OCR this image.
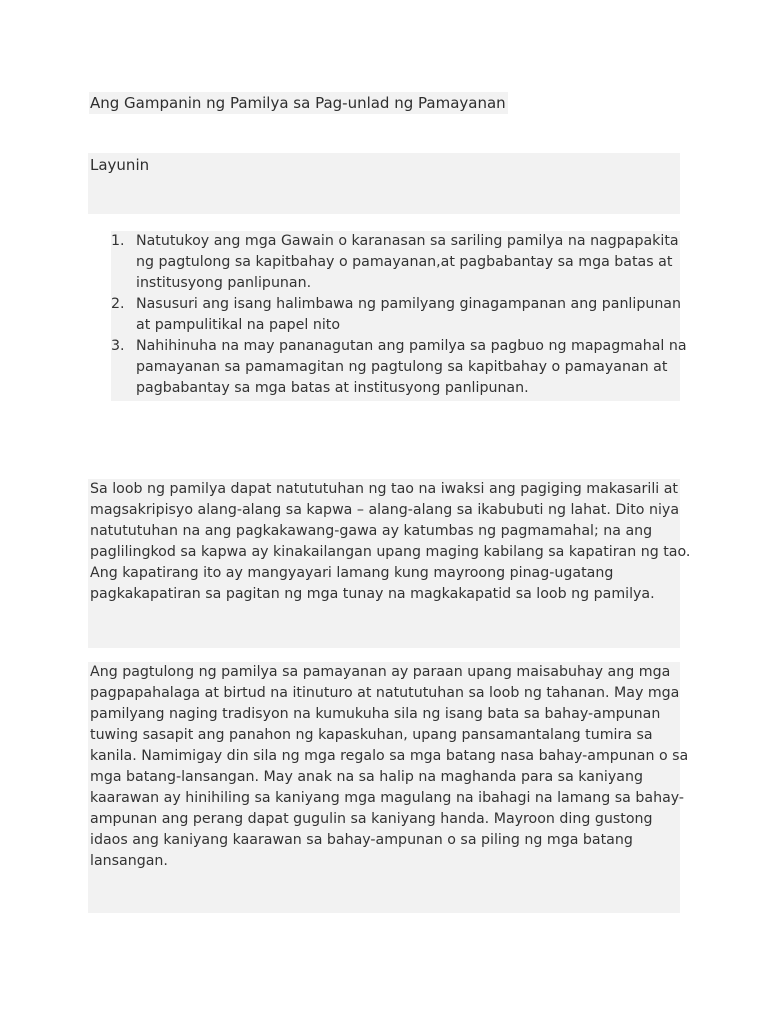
Ang Gampanin ng Pamilya sa Pag-unlad ng Pamayanan
Layunin
1. Natutukoy ang mga Gawain o karanasan sa sariling pamilya na nagpapakita
ng pagtulong sa kapitbahay o pamayanan,at pagbabantay sa mga batas at
institusyong panlipunan.
2. Nasusuri ang isang halimbawa ng pamilyang ginagampanan ang panlipunan
at pampulitikal na papel nito
3. Nahihinuha na may pananagutan ang pamilya sa pagbuo ng mapagmahal na
pamayanan sa pamamagitan ng pagtulong sa kapitbahay o pamayanan at
pagbabantay sa mga batas at institusyong panlipunan.

Sa loob ng pamilya dapat natututuhan ng tao na iwaksi ang pagiging makasarili at
magsakripisyo alang-alang sa kapwa – alang-alang sa ikabubuti ng lahat. Dito niya
natututuhan na ang pagkakawang-gawa ay katumbas ng pagmamahal; na ang
paglilingkod sa kapwa ay kinakailangan upang maging kabilang sa kapatiran ng tao.
Ang kapatirang ito ay mangyayari lamang kung mayroong pinag-ugatang
pagkakapatiran sa pagitan ng mga tunay na magkakapatid sa loob ng pamilya.

Ang pagtulong ng pamilya sa pamayanan ay paraan upang maisabuhay ang mga
pagpapahalaga at birtud na itinuturo at natututuhan sa loob ng tahanan. May mga
pamilyang naging tradisyon na kumukuha sila ng isang bata sa bahay-ampunan
tuwing sasapit ang panahon ng kapaskuhan, upang pansamantalang tumira sa
kanila. Namimigay din sila ng mga regalo sa mga batang nasa bahay-ampunan o sa
mga batang-lansangan. May anak na sa halip na maghanda para sa kaniyang
kaarawan ay hinihiling sa kaniyang mga magulang na ibahagi na lamang sa bahay-
ampunan ang perang dapat gugulin sa kaniyang handa. Mayroon ding gustong
idaos ang kaniyang kaarawan sa bahay-ampunan o sa piling ng mga batang
lansangan.
